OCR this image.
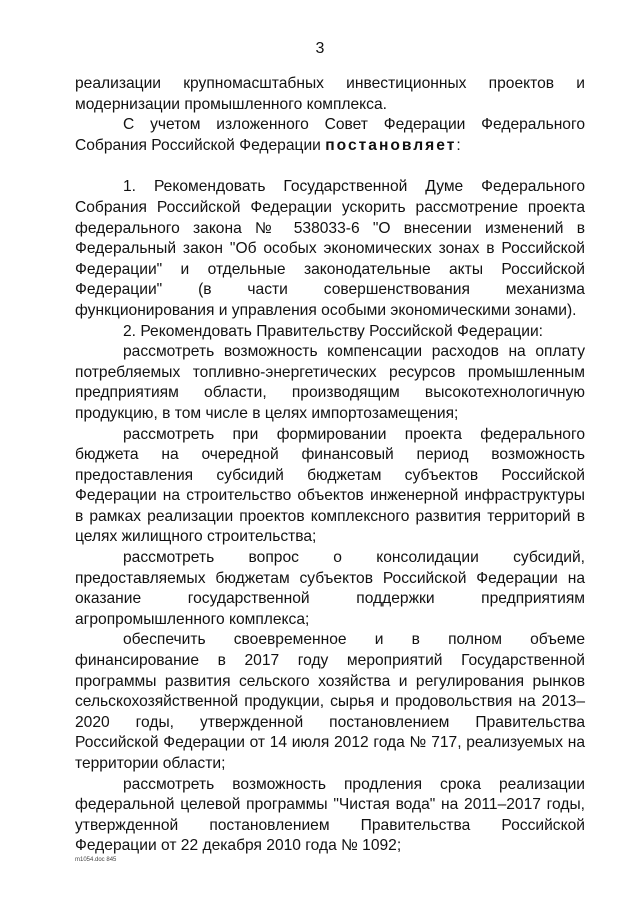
3

реализации крупномасштабных инвестиционных проектов и модернизации промышленного комплекса.

С учетом изложенного Совет Федерации Федерального Собрания Российской Федерации постановляет:

1. Рекомендовать Государственной Думе Федерального Собрания Российской Федерации ускорить рассмотрение проекта федерального закона № 538033-6 "О внесении изменений в Федеральный закон "Об особых экономических зонах в Российской Федерации" и отдельные законодательные акты Российской Федерации" (в части совершенствования механизма функционирования и управления особыми экономическими зонами).

2. Рекомендовать Правительству Российской Федерации:

рассмотреть возможность компенсации расходов на оплату потребляемых топливно-энергетических ресурсов промышленным предприятиям области, производящим высокотехнологичную продукцию, в том числе в целях импортозамещения;

рассмотреть при формировании проекта федерального бюджета на очередной финансовый период возможность предоставления субсидий бюджетам субъектов Российской Федерации на строительство объектов инженерной инфраструктуры в рамках реализации проектов комплексного развития территорий в целях жилищного строительства;

рассмотреть вопрос о консолидации субсидий, предоставляемых бюджетам субъектов Российской Федерации на оказание государственной поддержки предприятиям агропромышленного комплекса;

обеспечить своевременное и в полном объеме финансирование в 2017 году мероприятий Государственной программы развития сельского хозяйства и регулирования рынков сельскохозяйственной продукции, сырья и продовольствия на 2013–2020 годы, утвержденной постановлением Правительства Российской Федерации от 14 июля 2012 года № 717, реализуемых на территории области;

рассмотреть возможность продления срока реализации федеральной целевой программы "Чистая вода" на 2011–2017 годы, утвержденной постановлением Правительства Российской Федерации от 22 декабря 2010 года № 1092;

m1054.doc 845
